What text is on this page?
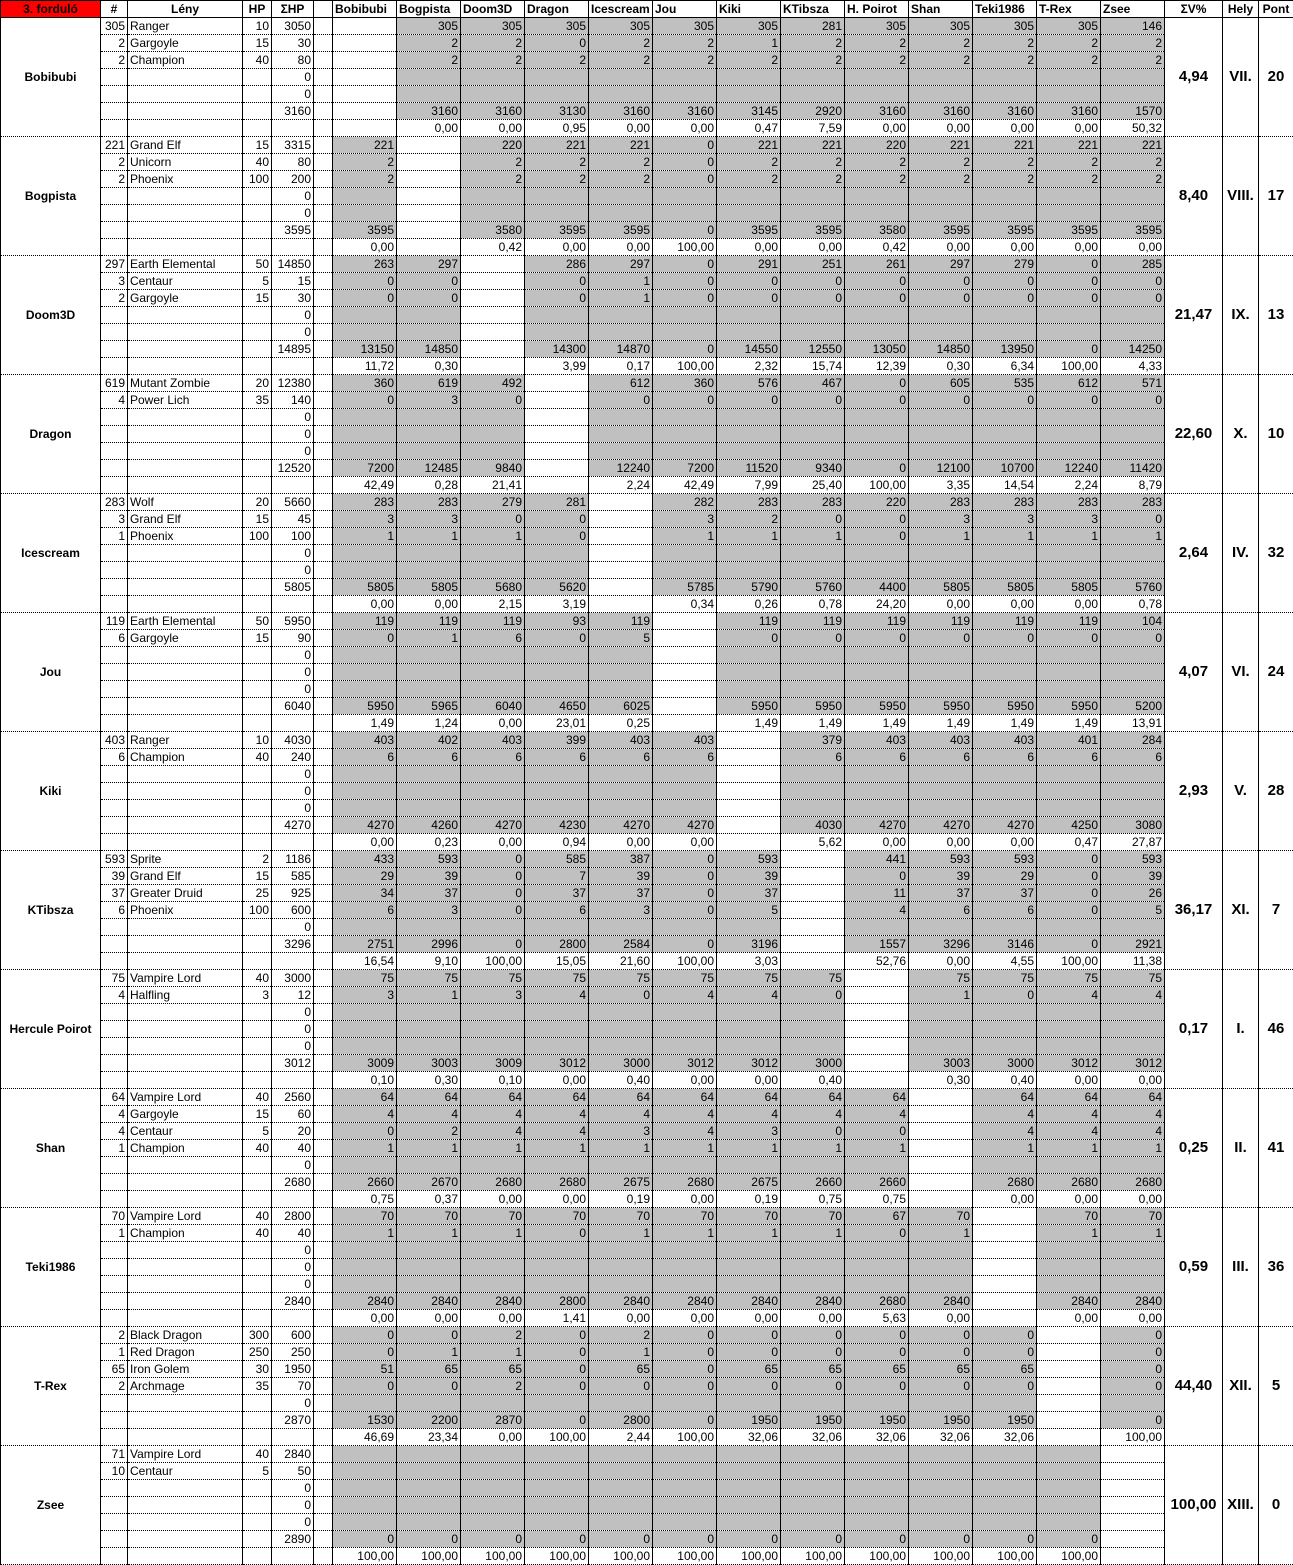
3. forduló	#	Lény	HP	ΣHP		Bobibubi	Bogpista	Doom3D	Dragon	Icescream	Jou	Kiki	KTibsza	H. Poirot	Shan	Teki1986	T-Rex	Zsee	ΣV%	Hely	Pont
Bobibubi	305	Ranger	10	3050			305	305	305	305	305	305	281	305	305	305	305	146	4,94	VII.	20
	2	Gargoyle	15	30			2	2	0	2	2	1	2	2	2	2	2	2			
	2	Champion	40	80			2	2	2	2	2	2	2	2	2	2	2	2			
				0																	
				0																	
				3160			3160	3160	3130	3160	3160	3145	2920	3160	3160	3160	3160	1570			
							0,00	0,00	0,95	0,00	0,00	0,47	7,59	0,00	0,00	0,00	0,00	50,32			
Bogpista	221	Grand Elf	15	3315		221		220	221	221	0	221	221	220	221	221	221	221	8,40	VIII.	17
	2	Unicorn	40	80		2		2	2	2	0	2	2	2	2	2	2	2			
	2	Phoenix	100	200		2		2	2	2	0	2	2	2	2	2	2	2			
				0																	
				0																	
				3595		3595		3580	3595	3595	0	3595	3595	3580	3595	3595	3595	3595			
						0,00		0,42	0,00	0,00	100,00	0,00	0,00	0,42	0,00	0,00	0,00	0,00			
Doom3D	297	Earth Elemental	50	14850		263	297		286	297	0	291	251	261	297	279	0	285	21,47	IX.	13
	3	Centaur	5	15		0	0		0	1	0	0	0	0	0	0	0	0			
	2	Gargoyle	15	30		0	0		0	1	0	0	0	0	0	0	0	0			
				0																	
				0																	
				14895		13150	14850		14300	14870	0	14550	12550	13050	14850	13950	0	14250			
						11,72	0,30		3,99	0,17	100,00	2,32	15,74	12,39	0,30	6,34	100,00	4,33			
Dragon	619	Mutant Zombie	20	12380		360	619	492		612	360	576	467	0	605	535	612	571	22,60	X.	10
	4	Power Lich	35	140		0	3	0		0	0	0	0	0	0	0	0	0			
				0																	
				0																	
				0																	
				12520		7200	12485	9840		12240	7200	11520	9340	0	12100	10700	12240	11420			
						42,49	0,28	21,41		2,24	42,49	7,99	25,40	100,00	3,35	14,54	2,24	8,79			
Icescream	283	Wolf	20	5660		283	283	279	281		282	283	283	220	283	283	283	283	2,64	IV.	32
	3	Grand Elf	15	45		3	3	0	0		3	2	0	0	3	3	3	0			
	1	Phoenix	100	100		1	1	1	0		1	1	1	0	1	1	1	1			
				0																	
				0																	
				5805		5805	5805	5680	5620		5785	5790	5760	4400	5805	5805	5805	5760			
						0,00	0,00	2,15	3,19		0,34	0,26	0,78	24,20	0,00	0,00	0,00	0,78			
Jou	119	Earth Elemental	50	5950		119	119	119	93	119		119	119	119	119	119	119	104	4,07	VI.	24
	6	Gargoyle	15	90		0	1	6	0	5		0	0	0	0	0	0	0			
				0																	
				0																	
				0																	
				6040		5950	5965	6040	4650	6025		5950	5950	5950	5950	5950	5950	5200			
						1,49	1,24	0,00	23,01	0,25		1,49	1,49	1,49	1,49	1,49	1,49	13,91			
Kiki	403	Ranger	10	4030		403	402	403	399	403	403		379	403	403	403	401	284	2,93	V.	28
	6	Champion	40	240		6	6	6	6	6	6		6	6	6	6	6	6			
				0																	
				0																	
				0																	
				4270		4270	4260	4270	4230	4270	4270		4030	4270	4270	4270	4250	3080			
						0,00	0,23	0,00	0,94	0,00	0,00		5,62	0,00	0,00	0,00	0,47	27,87			
KTibsza	593	Sprite	2	1186		433	593	0	585	387	0	593		441	593	593	0	593	36,17	XI.	7
	39	Grand Elf	15	585		29	39	0	7	39	0	39		0	39	29	0	39			
	37	Greater Druid	25	925		34	37	0	37	37	0	37		11	37	37	0	26			
	6	Phoenix	100	600		6	3	0	6	3	0	5		4	6	6	0	5			
				0																	
				3296		2751	2996	0	2800	2584	0	3196		1557	3296	3146	0	2921			
						16,54	9,10	100,00	15,05	21,60	100,00	3,03		52,76	0,00	4,55	100,00	11,38			
Hercule Poirot	75	Vampire Lord	40	3000		75	75	75	75	75	75	75	75		75	75	75	75	0,17	I.	46
	4	Halfling	3	12		3	1	3	4	0	4	4	0		1	0	4	4			
				0																	
				0																	
				0																	
				3012		3009	3003	3009	3012	3000	3012	3012	3000		3003	3000	3012	3012			
						0,10	0,30	0,10	0,00	0,40	0,00	0,00	0,40		0,30	0,40	0,00	0,00			
Shan	64	Vampire Lord	40	2560		64	64	64	64	64	64	64	64	64		64	64	64	0,25	II.	41
	4	Gargoyle	15	60		4	4	4	4	4	4	4	4	4		4	4	4			
	4	Centaur	5	20		0	2	4	4	3	4	3	0	0		4	4	4			
	1	Champion	40	40		1	1	1	1	1	1	1	1	1		1	1	1			
				0																	
				2680		2660	2670	2680	2680	2675	2680	2675	2660	2660		2680	2680	2680			
						0,75	0,37	0,00	0,00	0,19	0,00	0,19	0,75	0,75		0,00	0,00	0,00			
Teki1986	70	Vampire Lord	40	2800		70	70	70	70	70	70	70	70	67	70		70	70	0,59	III.	36
	1	Champion	40	40		1	1	1	0	1	1	1	1	0	1		1	1			
				0																	
				0																	
				0																	
				2840		2840	2840	2840	2800	2840	2840	2840	2840	2680	2840		2840	2840			
						0,00	0,00	0,00	1,41	0,00	0,00	0,00	0,00	5,63	0,00		0,00	0,00			
T-Rex	2	Black Dragon	300	600		0	0	2	0	2	0	0	0	0	0	0		0	44,40	XII.	5
	1	Red Dragon	250	250		0	1	1	0	1	0	0	0	0	0	0		0			
	65	Iron Golem	30	1950		51	65	65	0	65	0	65	65	65	65	65		0			
	2	Archmage	35	70		0	0	2	0	0	0	0	0	0	0	0		0			
				0																	
				2870		1530	2200	2870	0	2800	0	1950	1950	1950	1950	1950		0			
						46,69	23,34	0,00	100,00	2,44	100,00	32,06	32,06	32,06	32,06	32,06		100,00			
Zsee	71	Vampire Lord	40	2840															100,00	XIII.	0
	10	Centaur	5	50																	
				0																	
				0																	
				0																	
				2890		0	0	0	0	0	0	0	0	0	0	0	0				
						100,00	100,00	100,00	100,00	100,00	100,00	100,00	100,00	100,00	100,00	100,00	100,00				
